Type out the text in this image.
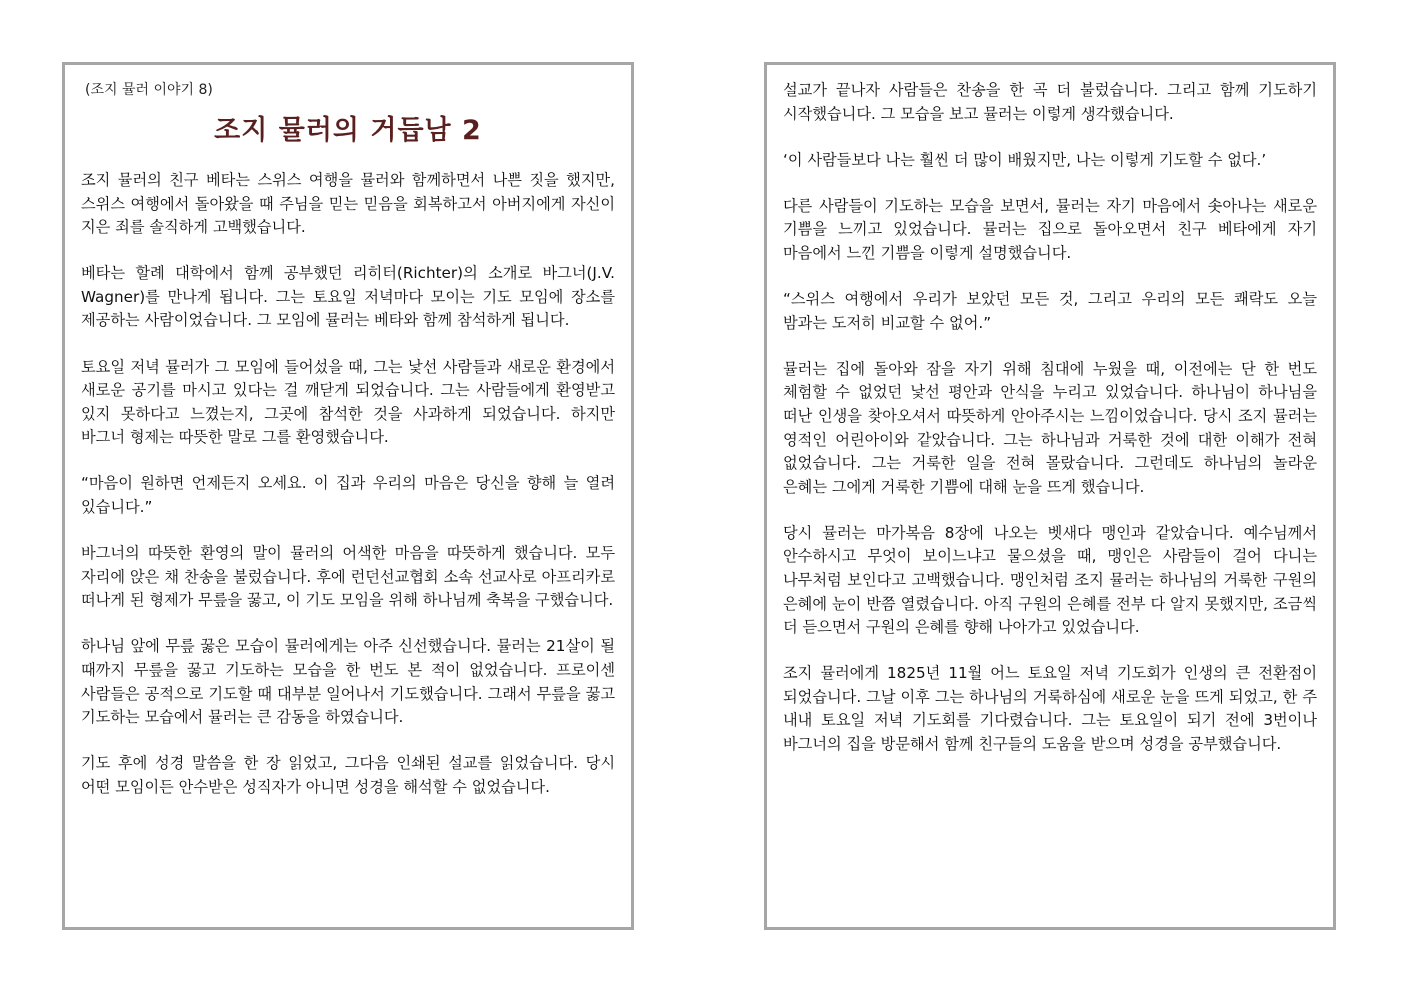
(조지 뮬러 이야기 8)

조지 뮬러의 거듭남 2

조지 뮬러의 친구 베타는 스위스 여행을 뮬러와 함께하면서 나쁜 짓을 했지만, 스위스 여행에서 돌아왔을 때 주님을 믿는 믿음을 회복하고서 아버지에게 자신이 지은 죄를 솔직하게 고백했습니다.

베타는 할례 대학에서 함께 공부했던 리히터(Richter)의 소개로 바그너(J.V. Wagner)를 만나게 됩니다. 그는 토요일 저녁마다 모이는 기도 모임에 장소를 제공하는 사람이었습니다. 그 모임에 뮬러는 베타와 함께 참석하게 됩니다.

토요일 저녁 뮬러가 그 모임에 들어섰을 때, 그는 낯선 사람들과 새로운 환경에서 새로운 공기를 마시고 있다는 걸 깨닫게 되었습니다. 그는 사람들에게 환영받고 있지 못하다고 느꼈는지, 그곳에 참석한 것을 사과하게 되었습니다. 하지만 바그너 형제는 따뜻한 말로 그를 환영했습니다.

“마음이 원하면 언제든지 오세요. 이 집과 우리의 마음은 당신을 향해 늘 열려 있습니다.”

바그너의 따뜻한 환영의 말이 뮬러의 어색한 마음을 따뜻하게 했습니다. 모두 자리에 앉은 채 찬송을 불렀습니다. 후에 런던선교협회 소속 선교사로 아프리카로 떠나게 된 형제가 무릎을 꿇고, 이 기도 모임을 위해 하나님께 축복을 구했습니다.

하나님 앞에 무릎 꿇은 모습이 뮬러에게는 아주 신선했습니다. 뮬러는 21살이 될 때까지 무릎을 꿇고 기도하는 모습을 한 번도 본 적이 없었습니다. 프로이센 사람들은 공적으로 기도할 때 대부분 일어나서 기도했습니다. 그래서 무릎을 꿇고 기도하는 모습에서 뮬러는 큰 감동을 하였습니다.

기도 후에 성경 말씀을 한 장 읽었고, 그다음 인쇄된 설교를 읽었습니다. 당시 어떤 모임이든 안수받은 성직자가 아니면 성경을 해석할 수 없었습니다.

설교가 끝나자 사람들은 찬송을 한 곡 더 불렀습니다. 그리고 함께 기도하기 시작했습니다. 그 모습을 보고 뮬러는 이렇게 생각했습니다.

‘이 사람들보다 나는 훨씬 더 많이 배웠지만, 나는 이렇게 기도할 수 없다.’

다른 사람들이 기도하는 모습을 보면서, 뮬러는 자기 마음에서 솟아나는 새로운 기쁨을 느끼고 있었습니다. 뮬러는 집으로 돌아오면서 친구 베타에게 자기 마음에서 느낀 기쁨을 이렇게 설명했습니다.

“스위스 여행에서 우리가 보았던 모든 것, 그리고 우리의 모든 쾌락도 오늘 밤과는 도저히 비교할 수 없어.”

뮬러는 집에 돌아와 잠을 자기 위해 침대에 누웠을 때, 이전에는 단 한 번도 체험할 수 없었던 낯선 평안과 안식을 누리고 있었습니다. 하나님이 하나님을 떠난 인생을 찾아오셔서 따뜻하게 안아주시는 느낌이었습니다. 당시 조지 뮬러는 영적인 어린아이와 같았습니다. 그는 하나님과 거룩한 것에 대한 이해가 전혀 없었습니다. 그는 거룩한 일을 전혀 몰랐습니다. 그런데도 하나님의 놀라운 은혜는 그에게 거룩한 기쁨에 대해 눈을 뜨게 했습니다.

당시 뮬러는 마가복음 8장에 나오는 벳새다 맹인과 같았습니다. 예수님께서 안수하시고 무엇이 보이느냐고 물으셨을 때, 맹인은 사람들이 걸어 다니는 나무처럼 보인다고 고백했습니다. 맹인처럼 조지 뮬러는 하나님의 거룩한 구원의 은혜에 눈이 반쯤 열렸습니다. 아직 구원의 은혜를 전부 다 알지 못했지만, 조금씩 더 듣으면서 구원의 은혜를 향해 나아가고 있었습니다.

조지 뮬러에게 1825년 11월 어느 토요일 저녁 기도회가 인생의 큰 전환점이 되었습니다. 그날 이후 그는 하나님의 거룩하심에 새로운 눈을 뜨게 되었고, 한 주 내내 토요일 저녁 기도회를 기다렸습니다. 그는 토요일이 되기 전에 3번이나 바그너의 집을 방문해서 함께 친구들의 도움을 받으며 성경을 공부했습니다.
